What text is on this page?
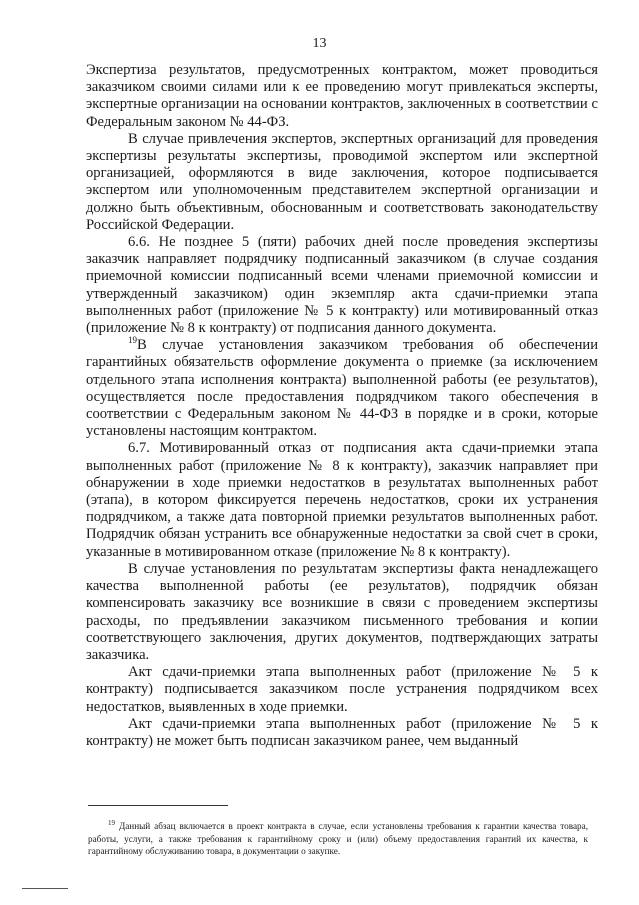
13

Экспертиза результатов, предусмотренных контрактом, может проводиться заказчиком своими силами или к ее проведению могут привлекаться эксперты, экспертные организации на основании контрактов, заключенных в соответствии с Федеральным законом № 44-ФЗ.

В случае привлечения экспертов, экспертных организаций для проведения экспертизы результаты экспертизы, проводимой экспертом или экспертной организацией, оформляются в виде заключения, которое подписывается экспертом или уполномоченным представителем экспертной организации и должно быть объективным, обоснованным и соответствовать законодательству Российской Федерации.

6.6. Не позднее 5 (пяти) рабочих дней после проведения экспертизы заказчик направляет подрядчику подписанный заказчиком (в случае создания приемочной комиссии подписанный всеми членами приемочной комиссии и утвержденный заказчиком) один экземпляр акта сдачи-приемки этапа выполненных работ (приложение № 5 к контракту) или мотивированный отказ (приложение № 8 к контракту) от подписания данного документа.

$^{19}$В случае установления заказчиком требования об обеспечении гарантийных обязательств оформление документа о приемке (за исключением отдельного этапа исполнения контракта) выполненной работы (ее результатов), осуществляется после предоставления подрядчиком такого обеспечения в соответствии с Федеральным законом № 44-ФЗ в порядке и в сроки, которые установлены настоящим контрактом.

6.7. Мотивированный отказ от подписания акта сдачи-приемки этапа выполненных работ (приложение № 8 к контракту), заказчик направляет при обнаружении в ходе приемки недостатков в результатах выполненных работ (этапа), в котором фиксируется перечень недостатков, сроки их устранения подрядчиком, а также дата повторной приемки результатов выполненных работ. Подрядчик обязан устранить все обнаруженные недостатки за свой счет в сроки, указанные в мотивированном отказе (приложение № 8 к контракту).

В случае установления по результатам экспертизы факта ненадлежащего качества выполненной работы (ее результатов), подрядчик обязан компенсировать заказчику все возникшие в связи с проведением экспертизы расходы, по предъявлении заказчиком письменного требования и копии соответствующего заключения, других документов, подтверждающих затраты заказчика.

Акт сдачи-приемки этапа выполненных работ (приложение № 5 к контракту) подписывается заказчиком после устранения подрядчиком всех недостатков, выявленных в ходе приемки.

Акт сдачи-приемки этапа выполненных работ (приложение № 5 к контракту) не может быть подписан заказчиком ранее, чем выданный

$^{19}$ Данный абзац включается в проект контракта в случае, если установлены требования к гарантии качества товара, работы, услуги, а также требования к гарантийному сроку и (или) объему предоставления гарантий их качества, к гарантийному обслуживанию товара, в документации о закупке.
